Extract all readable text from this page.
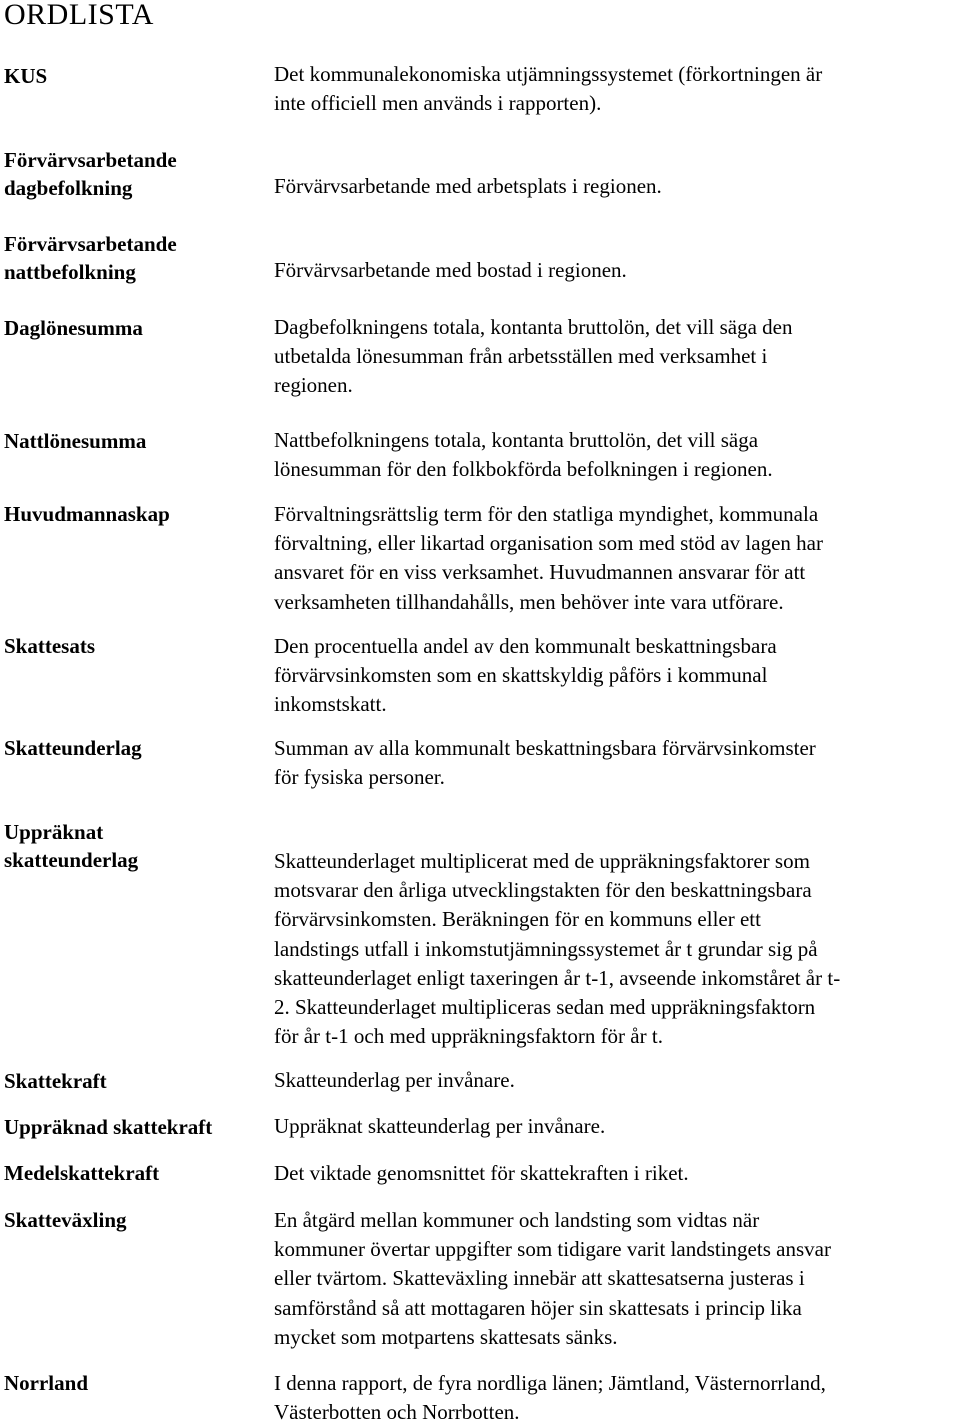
ORDLISTA
KUS	Det kommunalekonomiska utjämningssystemet (förkortningen är
inte officiell men används i rapporten).
Förvärvsarbetande
dagbefolkning	Förvärvsarbetande med arbetsplats i regionen.
Förvärvsarbetande
nattbefolkning	Förvärvsarbetande med bostad i regionen.
Daglönesumma	Dagbefolkningens totala, kontanta bruttolön, det vill säga den
utbetalda lönesumman från arbetsställen med verksamhet i
regionen.
Nattlönesumma	Nattbefolkningens totala, kontanta bruttolön, det vill säga
lönesumman för den folkbokförda befolkningen i regionen.
Huvudmannaskap	Förvaltningsrättslig term för den statliga myndighet, kommunala
förvaltning, eller likartad organisation som med stöd av lagen har
ansvaret för en viss verksamhet. Huvudmannen ansvarar för att
verksamheten tillhandahålls, men behöver inte vara utförare.
Skattesats	Den procentuella andel av den kommunalt beskattningsbara
förvärvsinkomsten som en skattskyldig påförs i kommunal
inkomstskatt.
Skatteunderlag	Summan av alla kommunalt beskattningsbara förvärvsinkomster
för fysiska personer.
Uppräknat
skatteunderlag	Skatteunderlaget multiplicerat med de uppräkningsfaktorer som
motsvarar den årliga utvecklingstakten för den beskattningsbara
förvärvsinkomsten. Beräkningen för en kommuns eller ett
landstings utfall i inkomstutjämningssystemet år t grundar sig på
skatteunderlaget enligt taxeringen år t-1, avseende inkomståret år t-
2. Skatteunderlaget multipliceras sedan med uppräkningsfaktorn
för år t-1 och med uppräkningsfaktorn för år t.
Skattekraft	Skatteunderlag per invånare.
Uppräknad skattekraft	Uppräknat skatteunderlag per invånare.
Medelskattekraft	Det viktade genomsnittet för skattekraften i riket.
Skatteväxling	En åtgärd mellan kommuner och landsting som vidtas när
kommuner övertar uppgifter som tidigare varit landstingets ansvar
eller tvärtom. Skatteväxling innebär att skattesatserna justeras i
samförstånd så att mottagaren höjer sin skattesats i princip lika
mycket som motpartens skattesats sänks.
Norrland	I denna rapport, de fyra nordliga länen; Jämtland, Västernorrland,
Västerbotten och Norrbotten.
